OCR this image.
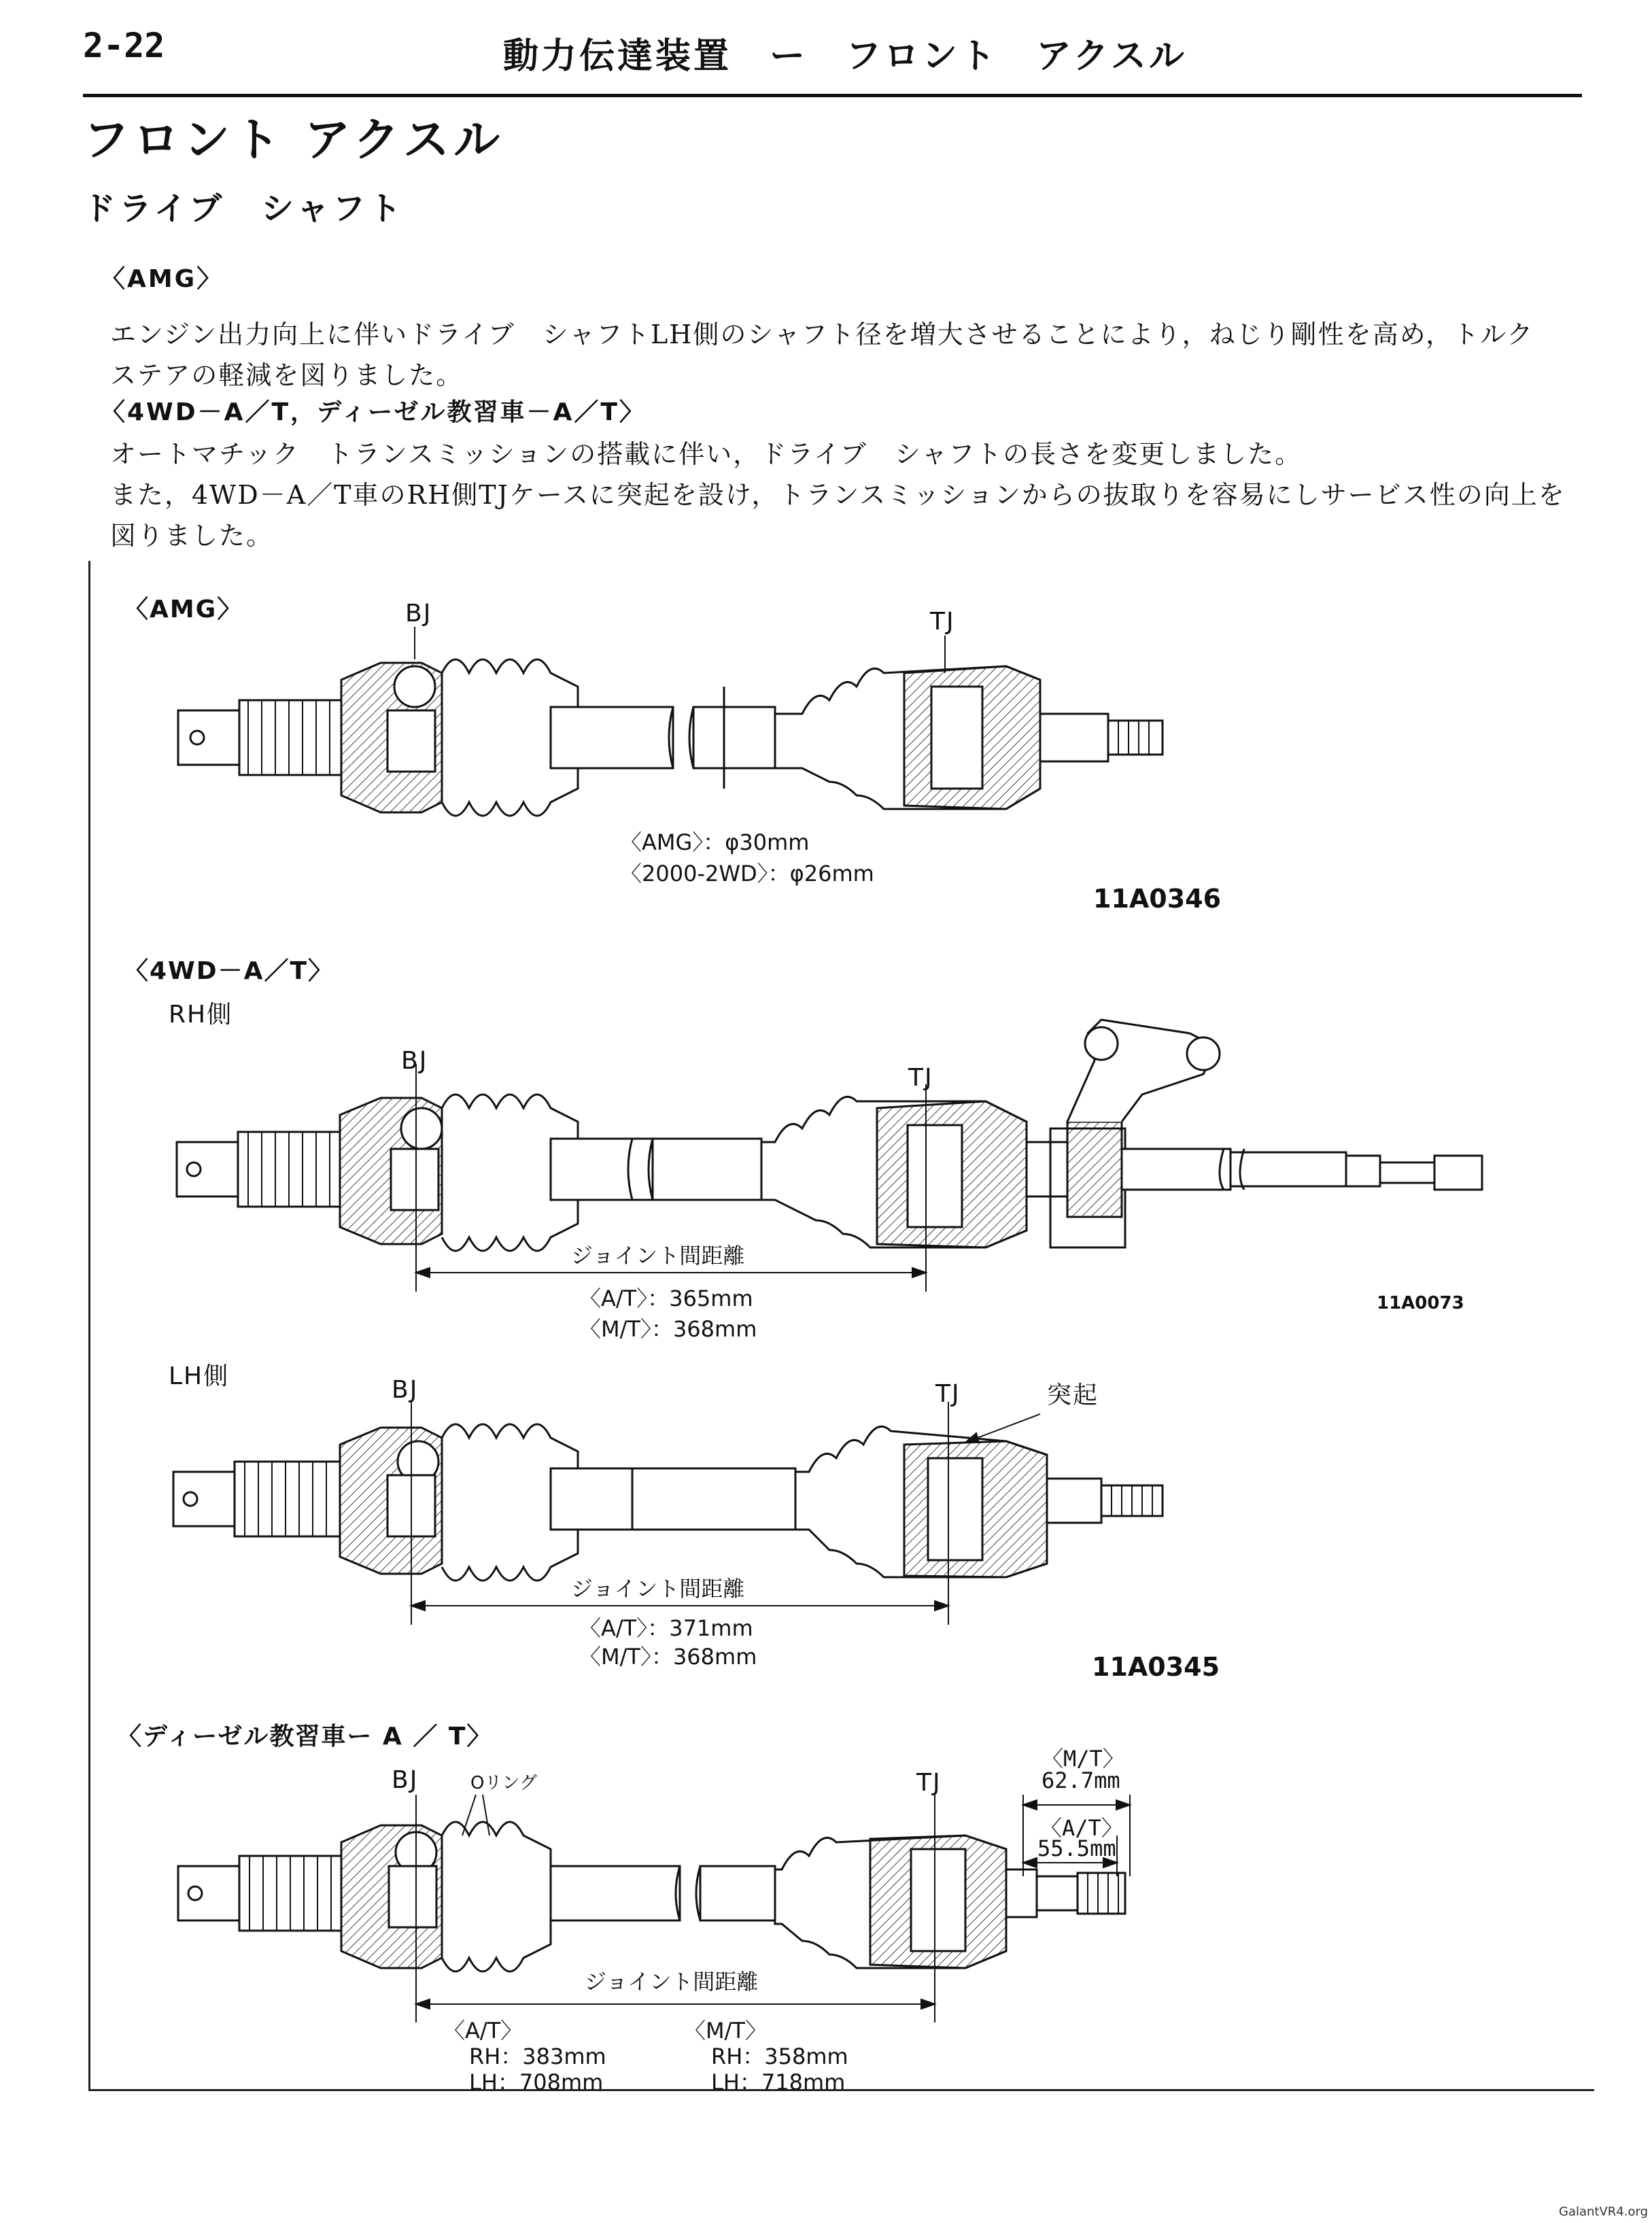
2-22	動力伝達装置　ー　フロント　アクスル
フロント アクスル
ドライブ　シャフト
〈AMG〉
エンジン出力向上に伴いドライブ　シャフトLH側のシャフト径を増大させることにより，ねじり剛性を高め，トルク　ステアの軽減を図りました。
〈4WD－A／T，ディーゼル教習車－A／T〉
オートマチック　トランスミッションの搭載に伴い，ドライブ　シャフトの長さを変更しました。
また，4WD－A／T車のRH側TJケースに突起を設け，トランスミッションからの抜取りを容易にしサービス性の向上を図りました。
〈AMG〉	BJ	TJ
〈AMG〉：φ30mm
〈2000-2WD〉：φ26mm
11A0346
〈4WD－A／T〉
RH側
BJ
TJ
ジョイント間距離
〈A/T〉：365mm
〈M/T〉：368mm
11A0073
LH側	BJ	TJ	突起
ジョイント間距離
〈A/T〉：371mm
〈M/T〉：368mm	11A0345
〈ディーゼル教習車ー A ／ T〉
BJ	Oリング	TJ
〈M/T〉
62.7mm
〈A/T〉
55.5mm
ジョイント間距離
〈A/T〉
RH：383mm
LH：708mm
〈M/T〉
RH：358mm
LH：718mm
GalantVR4.org
